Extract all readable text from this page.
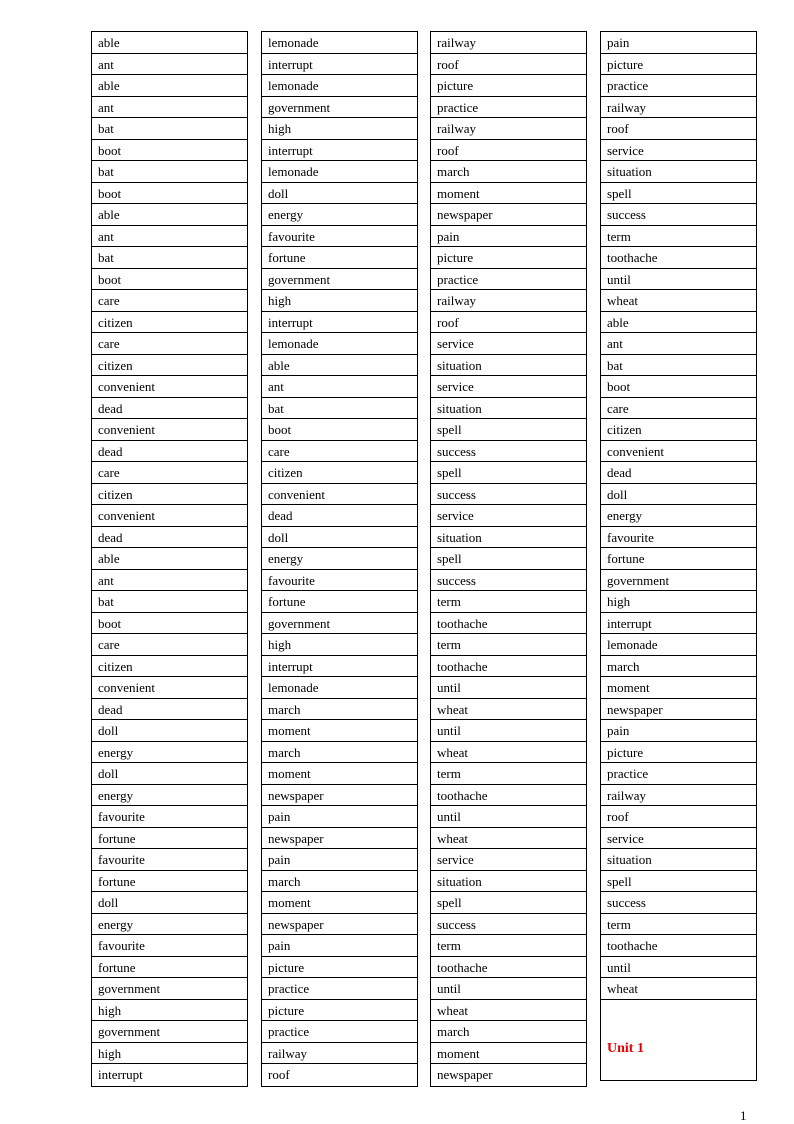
able
ant
able
ant
bat
boot
bat
boot
able
ant
bat
boot
care
citizen
care
citizen
convenient
dead
convenient
dead
care
citizen
convenient
dead
able
ant
bat
boot
care
citizen
convenient
dead
doll
energy
doll
energy
favourite
fortune
favourite
fortune
doll
energy
favourite
fortune
government
high
government
high
interrupt
lemonade
interrupt
lemonade
government
high
interrupt
lemonade
doll
energy
favourite
fortune
government
high
interrupt
lemonade
able
ant
bat
boot
care
citizen
convenient
dead
doll
energy
favourite
fortune
government
high
interrupt
lemonade
march
moment
march
moment
newspaper
pain
newspaper
pain
march
moment
newspaper
pain
picture
practice
picture
practice
railway
roof
railway
roof
picture
practice
railway
roof
march
moment
newspaper
pain
picture
practice
railway
roof
service
situation
service
situation
spell
success
spell
success
service
situation
spell
success
term
toothache
term
toothache
until
wheat
until
wheat
term
toothache
until
wheat
service
situation
spell
success
term
toothache
until
wheat
march
moment
newspaper
pain
picture
practice
railway
roof
service
situation
spell
success
term
toothache
until
wheat
able
ant
bat
boot
care
citizen
convenient
dead
doll
energy
favourite
fortune
government
high
interrupt
lemonade
march
moment
newspaper
pain
picture
practice
railway
roof
service
situation
spell
success
term
toothache
until
wheat
Unit 1
1
